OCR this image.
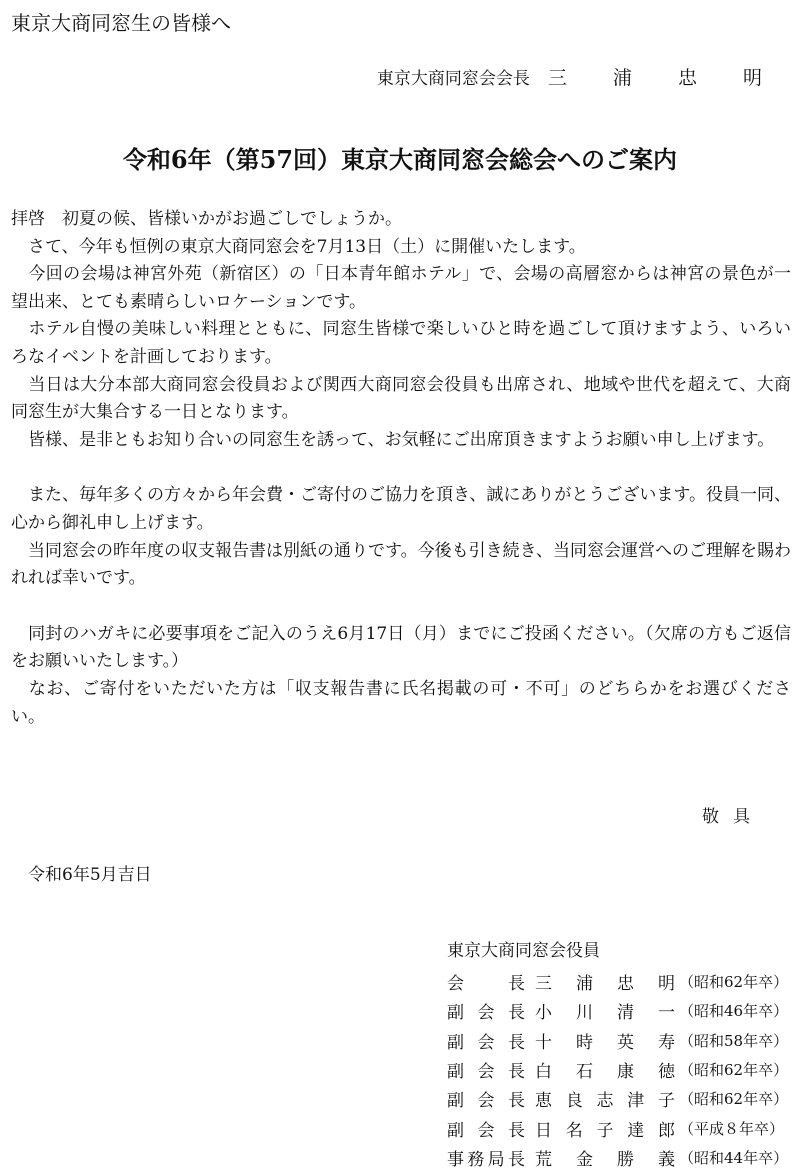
東京大商同窓生の皆様へ
東京大商同窓会会長 三 浦 忠 明
令和6年（第57回）東京大商同窓会総会へのご案内

拝啓　初夏の候、皆様いかがお過ごしでしょうか。

　さて、今年も恒例の東京大商同窓会を7月13日（土）に開催いたします。

　今回の会場は神宮外苑（新宿区）の「日本青年館ホテル」で、会場の高層窓からは神宮の景色が一望出来、とても素晴らしいロケーションです。

　ホテル自慢の美味しい料理とともに、同窓生皆様で楽しいひと時を過ごして頂けますよう、いろいろなイベントを計画しております。

　当日は大分本部大商同窓会役員および関西大商同窓会役員も出席され、地域や世代を超えて、大商同窓生が大集合する一日となります。

　皆様、是非ともお知り合いの同窓生を誘って、お気軽にご出席頂きますようお願い申し上げます。

　また、毎年多くの方々から年会費・ご寄付のご協力を頂き、誠にありがとうございます。役員一同、心から御礼申し上げます。

　当同窓会の昨年度の収支報告書は別紙の通りです。今後も引き続き、当同窓会運営へのご理解を賜われれば幸いです。

　同封のハガキに必要事項をご記入のうえ6月17日（月）までにご投函ください。（欠席の方もご返信をお願いいたします。）

　なお、ご寄付をいただいた方は「収支報告書に氏名掲載の可・不可」のどちらかをお選びください。

敬具
令和6年5月吉日
東京大商同窓会役員
会長	三浦忠明	（昭和62年卒）
副会長	小川清一	（昭和46年卒）
副会長	十時英寿	（昭和58年卒）
副会長	白石康徳	（昭和62年卒）
副会長	恵良志津子	（昭和62年卒）
副会長	日名子達郎	（平成８年卒）
事務局長	荒金勝義	（昭和44年卒）
